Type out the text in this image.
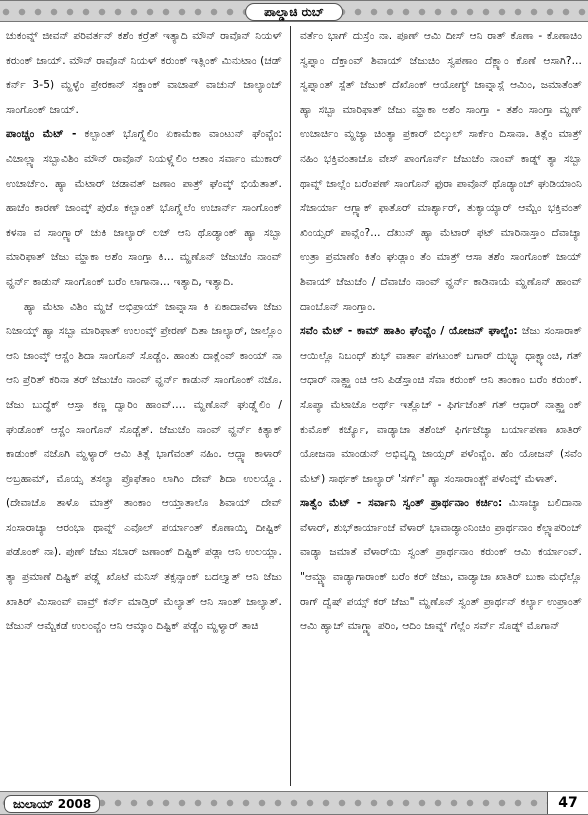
ಪಾಲ್ಡಾಚಿ ರುಬ್

ಚುಕಂವ್ನ್ ಜೀವನ್ ಪರಿವರ್ತನ್ ಕಶೆಂ ಕರ್ರೆತ್ ಇತ್ಯಾದಿ ಮೌನ್ ರಾವೊನ್ ನಿಯಳ್ ಕರುಂಕ್ ಜಾಯ್. ಮೌನ್ ರಾವೊನ್ ನಿಯಳ್ ಕರುಂಕ್ ಇತ್ಲಿಂಕ್ ಮಿನುಟಾಂ (ಚಡ್ ಕರ್ನ್ 3-5) ಮ್ಹಳ್ಳೆಂ ಪ್ರೇರಕಾನ್ ಸಕ್ಡಾಂಕ್ ವಾಚಾಪ್ ವಾಚುನ್ ಜಾಲ್ಯಾಂಚ್ ಸಾಂಗೊಂಕ್ ಜಾಯ್.

ಪಾಂಚ್ಚಂ ಮೆಟ್ - ಕಲ್ಬಾಂತ್ ಭೊಗ್ಲ್ಲೆಲಿಂ ಏಕಾಮೆಕಾ ವಾಂಟುನ್ ಘೆಂವ್ಚೆಂ: ವಿಚಾಲ್ಲ್ಯಾ ಸಬ್ಬಾವಿಶಿಂ ಮೌನ್ ರಾವೊನ್ ನಿಯಳ್ಲ್ಲೆಲಿಂ ಆತಾಂ ಸರ್ವಾಂ ಮುಕಾರ್ ಉಚಾರ್ಚೆಂ. ಹ್ಯಾ ಮೆಟಾರ್ ಚಡಾವತ್ ಜಣಾಂ ಪಾತ್ರ್ ಘೆಂವ್ಕ್ ಭಿಯೆತಾತ್. ಹಾಚೆಂ ಕಾರಣ್ ಜಾಂವ್ಕ್ ಪುರೊ ಕಲ್ಬಾಂತ್ ಭೊಗ್ಲ್ಲೆಲೆಂ ಉಚಾರ್ನ್ ಸಾಂಗೊಂಕ್ ಕಳನಾ ವ ಸಾಂಗ್ಲ್ಯಾರ್ ಚುಕಿ ಜಾಲ್ಯಾರ್ ಲಜ್ ಆನಿ ಥೊಡ್ಯಾಂಕ್ ಹ್ಯಾ ಸಬ್ಬಾ ಮಾರಿಫಾತ್ ಜೆಜು ಮ್ಹಾಕಾ ಅಶೆಂ ಸಾಂಗ್ತಾ ಕಿ... ಮ್ಹಣೊನ್ ಜೆಜುಚೆಂ ನಾಂವ್ ವ್ಹರ್ನ್ ಕಾಡುನ್ ಸಾಂಗೊಂಕ್ ಬರೆಂ ಲಾಗಾನಾ... ಇತ್ಯಾದಿ, ಇತ್ಯಾದಿ.

ಹ್ಯಾ ಮೆಟಾ ವಿಶಿಂ ಮ್ಹಜೆ ಅಭಿಪ್ರಾಯ್ ಜಾವ್ನಾಸಾ ಕಿ ಏಕಾದಾವೆಳಾ ಜೆಜು ನಿಜಾಯ್ಕ್ ಹ್ಯಾ ಸಬ್ಬಾ ಮಾರಿಫಾತ್ ಉಲಂವ್ಕ್ ಪ್ರೇರಣ್ ದಿತಾ ಜಾಲ್ಯಾರ್, ಜಾಲ್ಲೊಂ ಆನಿ ಜಾಂವ್ಕ್ ಆಸ್ಚೆಂ ಶಿದಾ ಸಾಂಗೊನ್ ಸೊಡ್ಚೆಂ. ಹಾಂತು ದಾಕ್ಲೆಂವ್ ಕಾಂಯ್ ನಾ ಆನಿ ಪ್ರೆರಿತ್ ಕರಿನಾ ತರ್ ಜೆಜುಚೆಂ ನಾಂವ್ ವ್ಹರ್ನ್ ಕಾಡುನ್ ಸಾಂಗೊಂಕ್ ನಜೊ. ಜೆಜು ಬುದ್ಧೆಕ್ ಆಸ್ತಾ ಕಣ್ಣ ದ್ವಾರಿಂ ಹಾಂವ್.... ಮ್ಹಣೊನ್ ಘುಡ್ಲ್ಲೆಲಿಂ / ಘುಡೊಂಕ್ ಆಸ್ಚೆಂ ಸಾಂಗೊನ್ ಸೊಡ್ಚೆತ್. ಜೆಜುಚೆಂ ನಾಂವ್ ವ್ಹರ್ನ್ ಕಿತ್ಯಾಕ್ ಕಾಡುಂಕ್ ನಜೊಗಿ ಮ್ಹಳ್ಯಾರ್ ಆಮಿ ತಿತ್ಲೆ ಭಾಗೆವಂತ್ ನಹಿಂ. ಆದ್ಲ್ಯಾ ಕಾಳಾರ್ ಅಬ್ರಹಾಮ್, ಮೊಯ್ಸ ತಸಲ್ಯಾ ಪ್ರೊಫೆತಾಂ ಲಾಗಿಂ ದೇವ್ ಶಿದಾ ಉಲಯ್ಲ್ಲೊ. (ದೇವಾಚೊ ತಾಳೊ ಮಾತ್ರ್ ತಾಂಕಾಂ ಆಯ್ತಾತಾಲೊ ಶಿವಾಯ್ ದೇವ್ ಸಂಸಾರಾಚ್ಯಾ ಆರಂಭಾ ಥಾವ್ನ್ ಎವೊಲ್ ಪರ್ಯಾಂತ್ ಕೊಣಾಯ್ಕಿ ದೀಷ್ಟಿಕ್ ಪಡೊಂಕ್ ನಾ). ಪುಣ್ ಜೆಜು ಸಬಾರ್ ಜಣಾಂಕ್ ದಿಷ್ಟಿಕ್ ಪಡ್ಲಾ ಆನಿ ಉಲಯ್ಲಾ. ತ್ಯಾ ಪ್ರಮಾಣೆ ದಿಷ್ಟಿಕ್ ಪಡ್ಲ್ಲೆ ಖೊಟೆ ಮನಿಸ್ ತಕ್ಸನ್ಸಾಂಕ್ ಬದಲ್ತ್ಯಾತ್ ಆನಿ ಜೆಜು ಖಾತಿರ್ ಮಿಸಾಂವ್ ವಾವ್ರ್ ಕರ್ನ್ ಮಾಡ್ತಿರ್ ಮೆಲ್ಯಾತ್ ಆನಿ ಸಾಂತ್ ಜಾಲ್ಯಾತ್. ಜೆಜುನ್ ಆಮ್ಚೆಕಡೆ ಉಲಂವ್ಚೆಂ ಆನಿ ಆಮ್ಕಾಂ ದಿಷ್ಟಿಕ್ ಪಡ್ಚೆಂ ಮ್ಹಳ್ಯಾರ್ ತಾಚಿ

ವರ್ತೆಂ ಭಾಗ್ ದುಸ್ರೆಂ ನಾ. ಪೂಣ್ ಆಮಿ ದೀಸ್ ಆನಿ ರಾತ್ ಕೊಣಾ - ಕೊಣಾಚಿಂ ಸ್ವಪ್ನಾಂ ದೆಕ್ತಾಂವ್ ಶಿವಾಯ್ ಜೆಜುಚಿಂ ಸ್ವಪಣಾಂ ದೆಕ್ಲ್ಯಾಂ ಕೊಣೆ ಆಸಾಗಿ?... ಸ್ವಪ್ನಾಂತ್ ಸ್ಪೆತ್ ಜೆಜುಕ್ ದೆಖೊಂಕ್ ಆಯೋಗ್ಯ್ ಜಾವ್ನಾಸ್ಲೆ ಆಮಿಂ, ಜಮಾತೆಂತ್ ಹ್ಯಾ ಸಬ್ಬಾ ಮಾರಿಫಾತ್ ಜೆಜು ಮ್ಹಾಕಾ ಅಶೆಂ ಸಾಂಗ್ತಾ - ತಶೆಂ ಸಾಂಗ್ತಾ ಮ್ಹಣ್ ಉಚಾರ್ಚಿಂ ಮ್ಹಜ್ಯಾ ಚಿಂತ್ಯಾ ಪ್ರಕಾರ್ ಬಿಲ್ಕುಲ್ ಸಾರ್ಕೆಂ ದಿಸಾನಾ. ತಿತ್ಲೆಂ ಮಾತ್ರ್ ನಹಿಂ ಭಕ್ತಿವಂತಾಚೊ ವೇಸ್ ಪಾಂಗೊರ್ನ್ ಜೆಜುಚೆಂ ನಾಂವ್ ಕಾಡ್ನ್ ತ್ಯಾ ಸಬ್ಬಾ ಥಾವ್ನ್ ಜಾಲ್ಲೆಂ ಬರೆಂಪಣ್ ಸಾಂಗೊನ್ ಫುರಾ ಪಾವೊನ್ ಥೊಡ್ಯಾಂಚ್ ಘುಡಿಯಾಂನಿ ಸೆಜಾರ್ಯಾ ಆಗ್ಲ್ಯಾಕ್ ಫಾತೊರ್ ಮಾರ್ಶ್ಯಾರ್, ತುಕ್ಯಾಯ್ಯಾರ್ ಆಮ್ಚೆಂ ಭಕ್ತಿವಂತ್ ಖಿಂಯ್ಸರ್ ಪಾವ್ಲೆಂ?... ದೆಖುನ್ ಹ್ಯಾ ಮೆಟಾರ್ ಫಟ್ ಮಾರಿನಾಸ್ತಾಂ ದೆವಾಚ್ಯಾ ಉತ್ರಾ ಪ್ರಮಾಣೆಂ ಕಿತೆಂ ಘುಡ್ಲಾಂ ತೆಂ ಮಾತ್ರ್ ಆಸಾ ತಶೆಂ ಸಾಂಗೊಂಕ್ ಜಾಯ್ ಶಿವಾಯ್ ಜೆಜುಚೆಂ / ದೆವಾಚೆಂ ನಾಂವ್ ವ್ಹರ್ನ್ ಕಾಡಿನಾಯೆ ಮ್ಹಣೊನ್ ಹಾಂವ್ ದಾಂಬೊನ್ ಸಾಂಗ್ತಾಂ.

ಸವೆಂ ಮೆಟ್ - ಕಾಮ್ ಹಾತಿಂ ಘೆಂವ್ಚೆಂ / ಯೋಜನ್ ಘಾಲ್ಚೆಂ: ಜೆಜು ಸಂಸಾರಾಕ್ ಆಯಿಲ್ಲೊ ನಿಬಂಧ್ ಶುಭ್ ವಾರ್ತಾ ಪಗಟುಂಕ್ ಬಗಾರ್ ದುಬ್ಳ್ಯಾ ಧಾಕ್ಟ್ಯಾಂಚಿ, ಗತ್ ಆಧಾರ್ ನಾತ್ಲ್ಲ್ಯಾಂಚಿ ಆನಿ ಪಿಡೆಸ್ತಾಂಚಿ ಸೆವಾ ಕರುಂಕ್ ಆನಿ ತಾಂಕಾಂ ಬರೆಂ ಕರುಂಕ್. ಸೊಪ್ಯಾ ಮೆಟಾಚೊ ಅರ್ಥ್ ಇತ್ಲೊಚ್ - ಫಿರ್ಗಜೆಂತ್ ಗತ್ ಆಧಾರ್ ನಾತ್ಲ್ಲ್ಯಾಂಕ್ ಕುಮೊಕ್ ಕರ್ಚ್ಯೊ, ವಾಡ್ಯಾಚಾ ತಶೆಂಚ್ ಫಿರ್ಗಜೆಚ್ಯಾ ಬರ್ಯಾಪಣಾ ಖಾತಿರ್ ಯೋಜನಾ ಮಾಂಡುನ್ ಅಭಿವೃದ್ದಿ ಜಾಯ್ಸರ್ ಪಳೆಂವ್ಚೆಂ. ಹೆಂ ಯೋಜನ್ (ಸವೆಂ ಮೆಟ್) ಸಾರ್ಥಕ್ ಜಾಲ್ಯಾರ್ 'ಸರ್ಗ್' ಹ್ಯಾ ಸಂಸಾರಾಂತ್ಚ್ ಪಳೆಂವ್ಕ್ ಮೆಳಾತ್.

ಸಾತ್ವೆಂ ಮೆಟ್ - ಸರ್ವಾನಿ ಸ್ವಂತ್ ಪ್ರಾರ್ಥನಾಂ ಕರ್ಚಿಂ: ಮಿಸಾಚ್ಯಾ ಬಲಿದಾನಾ ವೆಳಾರ್, ಶುಭ್‌ಕಾರ್ಯಾಂಚೆ ವೆಳಾರ್ ಭಾವಾಡ್ಯಾಂನಿಂಚಿಂ ಪ್ರಾರ್ಥನಾಂ ಕೆಲ್ಲ್ಯಾಪರಿಂಚ್ ವಾಡ್ಯಾ ಜಮಾತೆ ವೆಳಾರ್‌ಯಿ ಸ್ವಂತ್ ಪ್ರಾರ್ಥನಾಂ ಕರುಂಕ್ ಆಮಿ ಕರ್ಯಾಂವ್. "ಆಮ್ಚ್ಯಾ ವಾಡ್ಯಾಗಾರಾಂಕ್ ಬರೆಂ ಕರ್ ಜೆಜು, ವಾಡ್ಯಾಚಾ ಖಾತಿರ್ ಬುಕಾ ಮಧೆಲ್ಲೊ ರಾಗ್ ದ್ವೆಷ್ ಪಯ್ಸ್ ಕರ್ ಜೆಜು" ಮ್ಹಣೊನ್ ಸ್ವಂತ್ ಪ್ರಾರ್ಥನ್ ಕರ್ಲ್ಯಾ ಉಪ್ರಾಂತ್ ಆಮಿ ಹ್ಯಾಚ್ ಮಾಗ್ಣ್ಯಾ ಪರಿಂ, ಆದಿಂ ಜಾವ್ನ್ ಗೆಲ್ಲೆಂ ಸರ್ವ್ ಸೊಡ್ನ್ ಮೊಗಾನ್

ಜುಲಾಯ್ 2008	47
